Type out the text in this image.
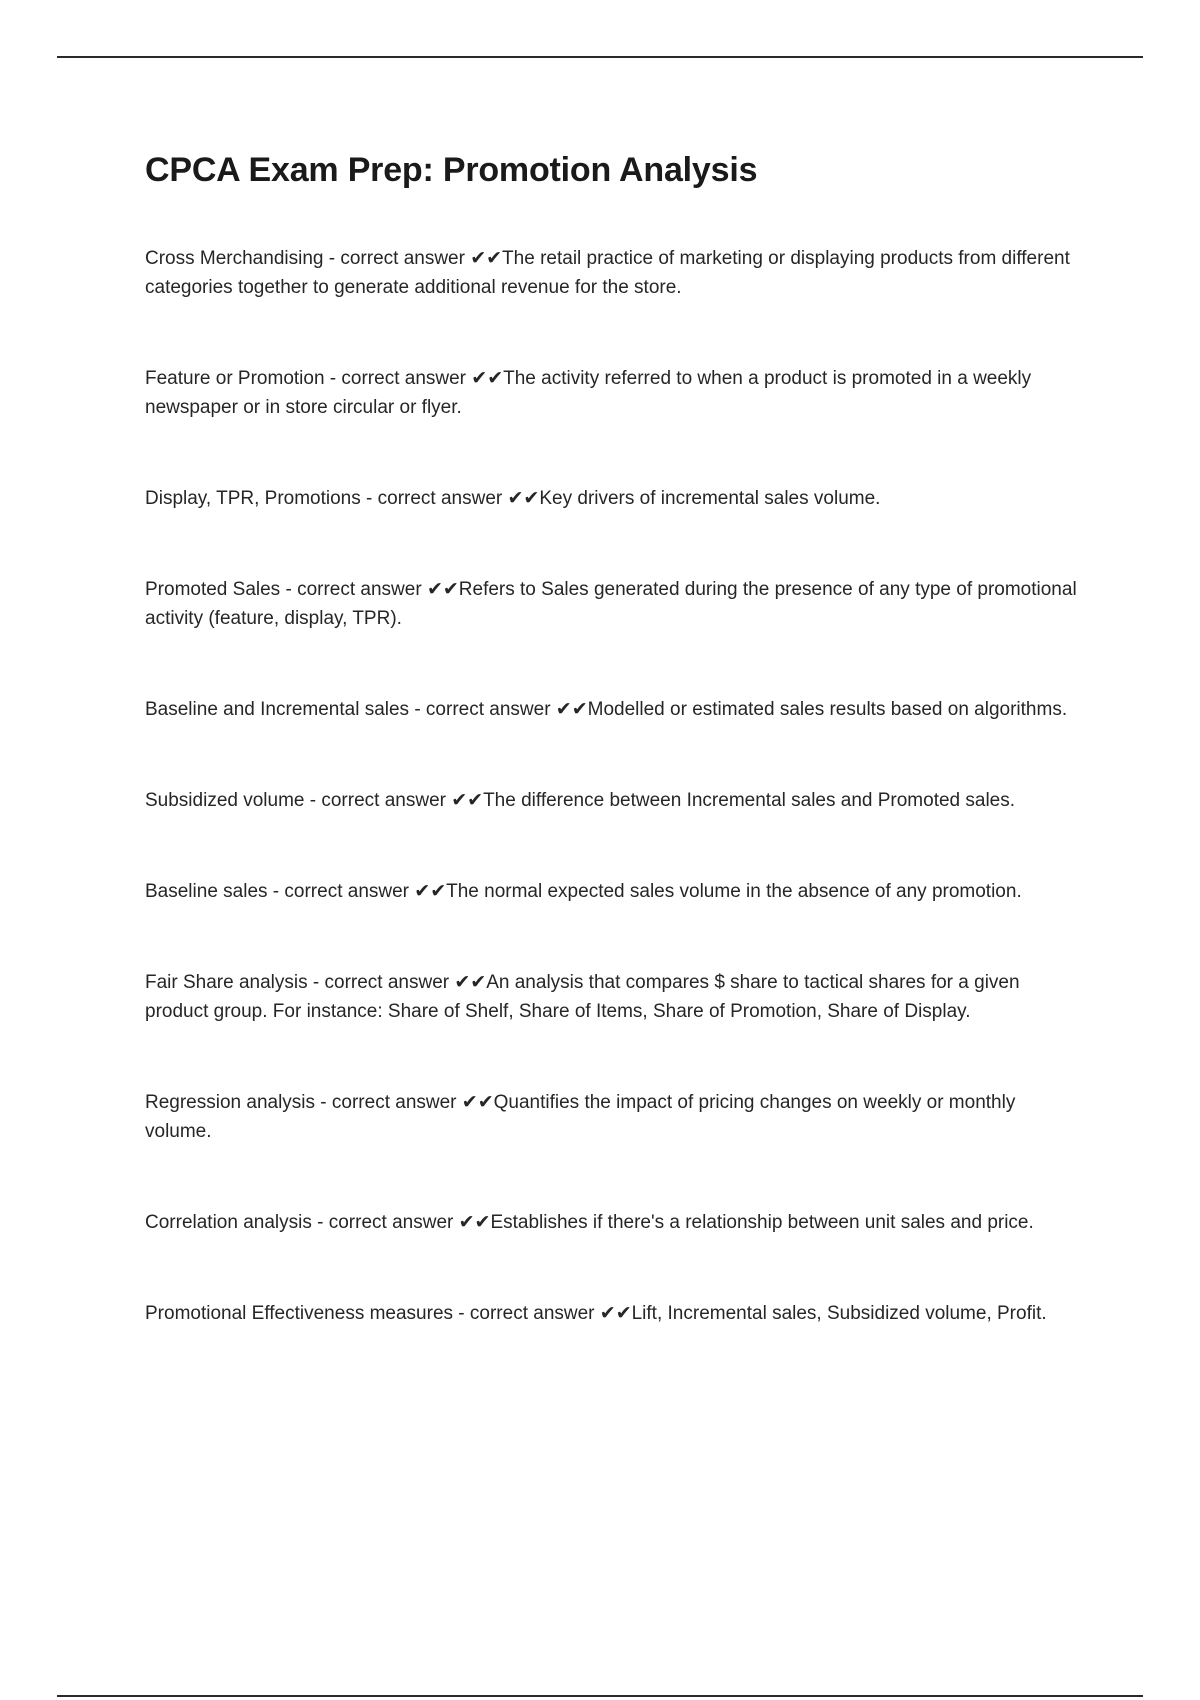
CPCA Exam Prep: Promotion Analysis

Cross Merchandising - correct answer ✔✔The retail practice of marketing or displaying products from different categories together to generate additional revenue for the store.

Feature or Promotion - correct answer ✔✔The activity referred to when a product is promoted in a weekly newspaper or in store circular or flyer.

Display, TPR, Promotions - correct answer ✔✔Key drivers of incremental sales volume.

Promoted Sales - correct answer ✔✔Refers to Sales generated during the presence of any type of promotional activity (feature, display, TPR).

Baseline and Incremental sales - correct answer ✔✔Modelled or estimated sales results based on algorithms.

Subsidized volume - correct answer ✔✔The difference between Incremental sales and Promoted sales.

Baseline sales - correct answer ✔✔The normal expected sales volume in the absence of any promotion.

Fair Share analysis - correct answer ✔✔An analysis that compares $ share to tactical shares for a given product group. For instance: Share of Shelf, Share of Items, Share of Promotion, Share of Display.

Regression analysis - correct answer ✔✔Quantifies the impact of pricing changes on weekly or monthly volume.

Correlation analysis - correct answer ✔✔Establishes if there's a relationship between unit sales and price.

Promotional Effectiveness measures - correct answer ✔✔Lift, Incremental sales, Subsidized volume, Profit.
